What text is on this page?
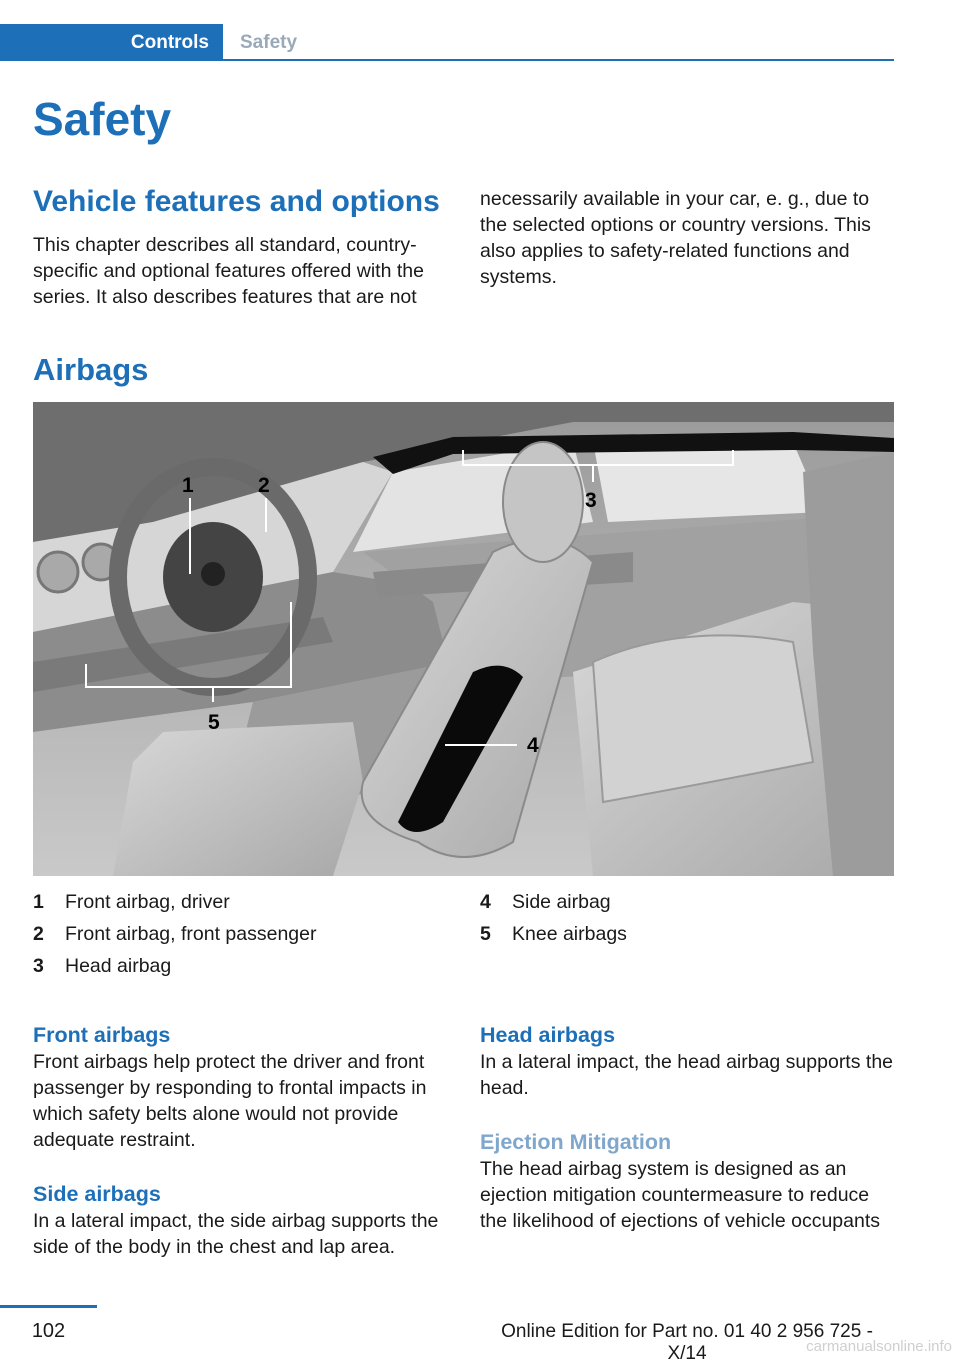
Controls	Safety
Safety
Vehicle features and options

This chapter describes all standard, country-specific and optional features offered with the series. It also describes features that are not

necessarily available in your car, e. g., due to the selected options or country versions. This also applies to safety-related functions and systems.

Airbags
1	2
3
4
5
1	Front airbag, driver
2	Front airbag, front passenger
3	Head airbag
4	Side airbag
5	Knee airbags
Front airbags

Front airbags help protect the driver and front passenger by responding to frontal impacts in which safety belts alone would not provide adequate restraint.

Side airbags

In a lateral impact, the side airbag supports the side of the body in the chest and lap area.

Head airbags

In a lateral impact, the head airbag supports the head.

Ejection Mitigation

The head airbag system is designed as an ejection mitigation countermeasure to reduce the likelihood of ejections of vehicle occupants

102	Online Edition for Part no. 01 40 2 956 725 - X/14	carmanualsonline.info
